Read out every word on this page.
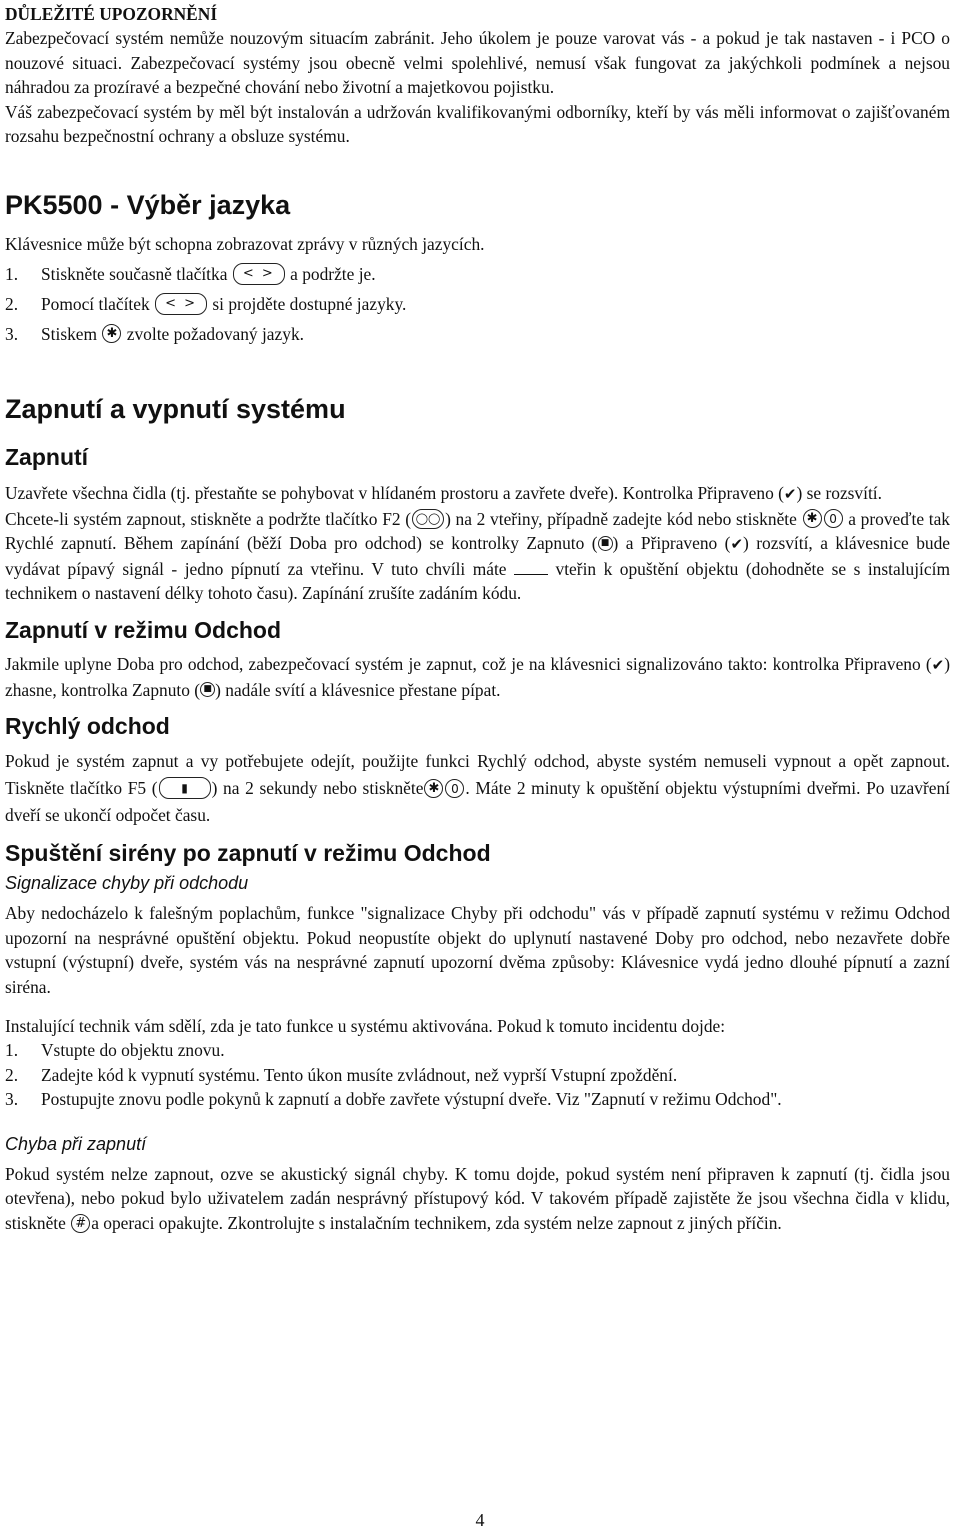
DŮLEŽITÉ UPOZORNĚNÍ

Zabezpečovací systém nemůže nouzovým situacím zabránit. Jeho úkolem je pouze varovat vás - a pokud je tak nastaven - i PCO o nouzové situaci. Zabezpečovací systémy jsou obecně velmi spolehlivé, nemusí však fungovat za jakýchkoli podmínek a nejsou náhradou za prozíravé a bezpečné chování nebo životní a majetkovou pojistku.

Váš zabezpečovací systém by měl být instalován a udržován kvalifikovanými odborníky, kteří by vás měli informovat o zajišťovaném rozsahu bezpečnostní ochrany a obsluze systému.

PK5500 - Výběr jazyka

Klávesnice může být schopna zobrazovat zprávy v různých jazycích.

1.	Stiskněte současně tlačítka < > a podržte je.
2.	Pomocí tlačítek < > si projděte dostupné jazyky.
3.	Stiskem ✱ zvolte požadovaný jazyk.
Zapnutí a vypnutí systému
Zapnutí

Uzavřete všechna čidla (tj. přestaňte se pohybovat v hlídaném prostoru a zavřete dveře). Kontrolka Připraveno (✔) se rozsvítí.

Chcete-li systém zapnout, stiskněte a podržte tlačítko F2 ( ◯◯ ) na 2 vteřiny, případně zadejte kód nebo stiskněte ✱ 0 a proveďte tak Rychlé zapnutí. Během zapínání (běží Doba pro odchod) se kontrolky Zapnuto ( ■ ) a Připraveno (✔) rozsvítí, a klávesnice bude vydávat pípavý signál - jedno pípnutí za vteřinu. V tuto chvíli máte	vteřin k opuštění objektu (dohodněte se s instalujícím technikem o nastavení délky tohoto času). Zapínání zrušíte zadáním kódu.

Zapnutí v režimu Odchod

Jakmile uplyne Doba pro odchod, zabezpečovací systém je zapnut, což je na klávesnici signalizováno takto: kontrolka Připraveno (✔) zhasne, kontrolka Zapnuto ( ■ ) nadále svítí a klávesnice přestane pípat.

Rychlý odchod

Pokud je systém zapnut a vy potřebujete odejít, použijte funkci Rychlý odchod, abyste systém nemuseli vypnout a opět zapnout. Tiskněte tlačítko F5 ( ▮ ) na 2 sekundy nebo stiskněte ✱ 0 . Máte 2 minuty k opuštění objektu výstupními dveřmi. Po uzavření dveří se ukončí odpočet času.

Spuštění sirény po zapnutí v režimu Odchod
Signalizace chyby při odchodu

Aby nedocházelo k falešným poplachům, funkce "signalizace Chyby při odchodu" vás v případě zapnutí systému v režimu Odchod upozorní na nesprávné opuštění objektu. Pokud neopustíte objekt do uplynutí nastavené Doby pro odchod, nebo nezavřete dobře vstupní (výstupní) dveře, systém vás na nesprávné zapnutí upozorní dvěma způsoby: Klávesnice vydá jedno dlouhé pípnutí a zazní siréna.

Instalující technik vám sdělí, zda je tato funkce u systému aktivována. Pokud k tomuto incidentu dojde:

1.	Vstupte do objektu znovu.
2.	Zadejte kód k vypnutí systému. Tento úkon musíte zvládnout, než vyprší Vstupní zpoždění.
3.	Postupujte znovu podle pokynů k zapnutí a dobře zavřete výstupní dveře. Viz "Zapnutí v režimu Odchod".
Chyba při zapnutí

Pokud systém nelze zapnout, ozve se akustický signál chyby. K tomu dojde, pokud systém není připraven k zapnutí (tj. čidla jsou otevřena), nebo pokud bylo uživatelem zadán nesprávný přístupový kód. V takovém případě zajistěte že jsou všechna čidla v klidu, stiskněte # a operaci opakujte. Zkontrolujte s instalačním technikem, zda systém nelze zapnout z jiných příčin.

4
